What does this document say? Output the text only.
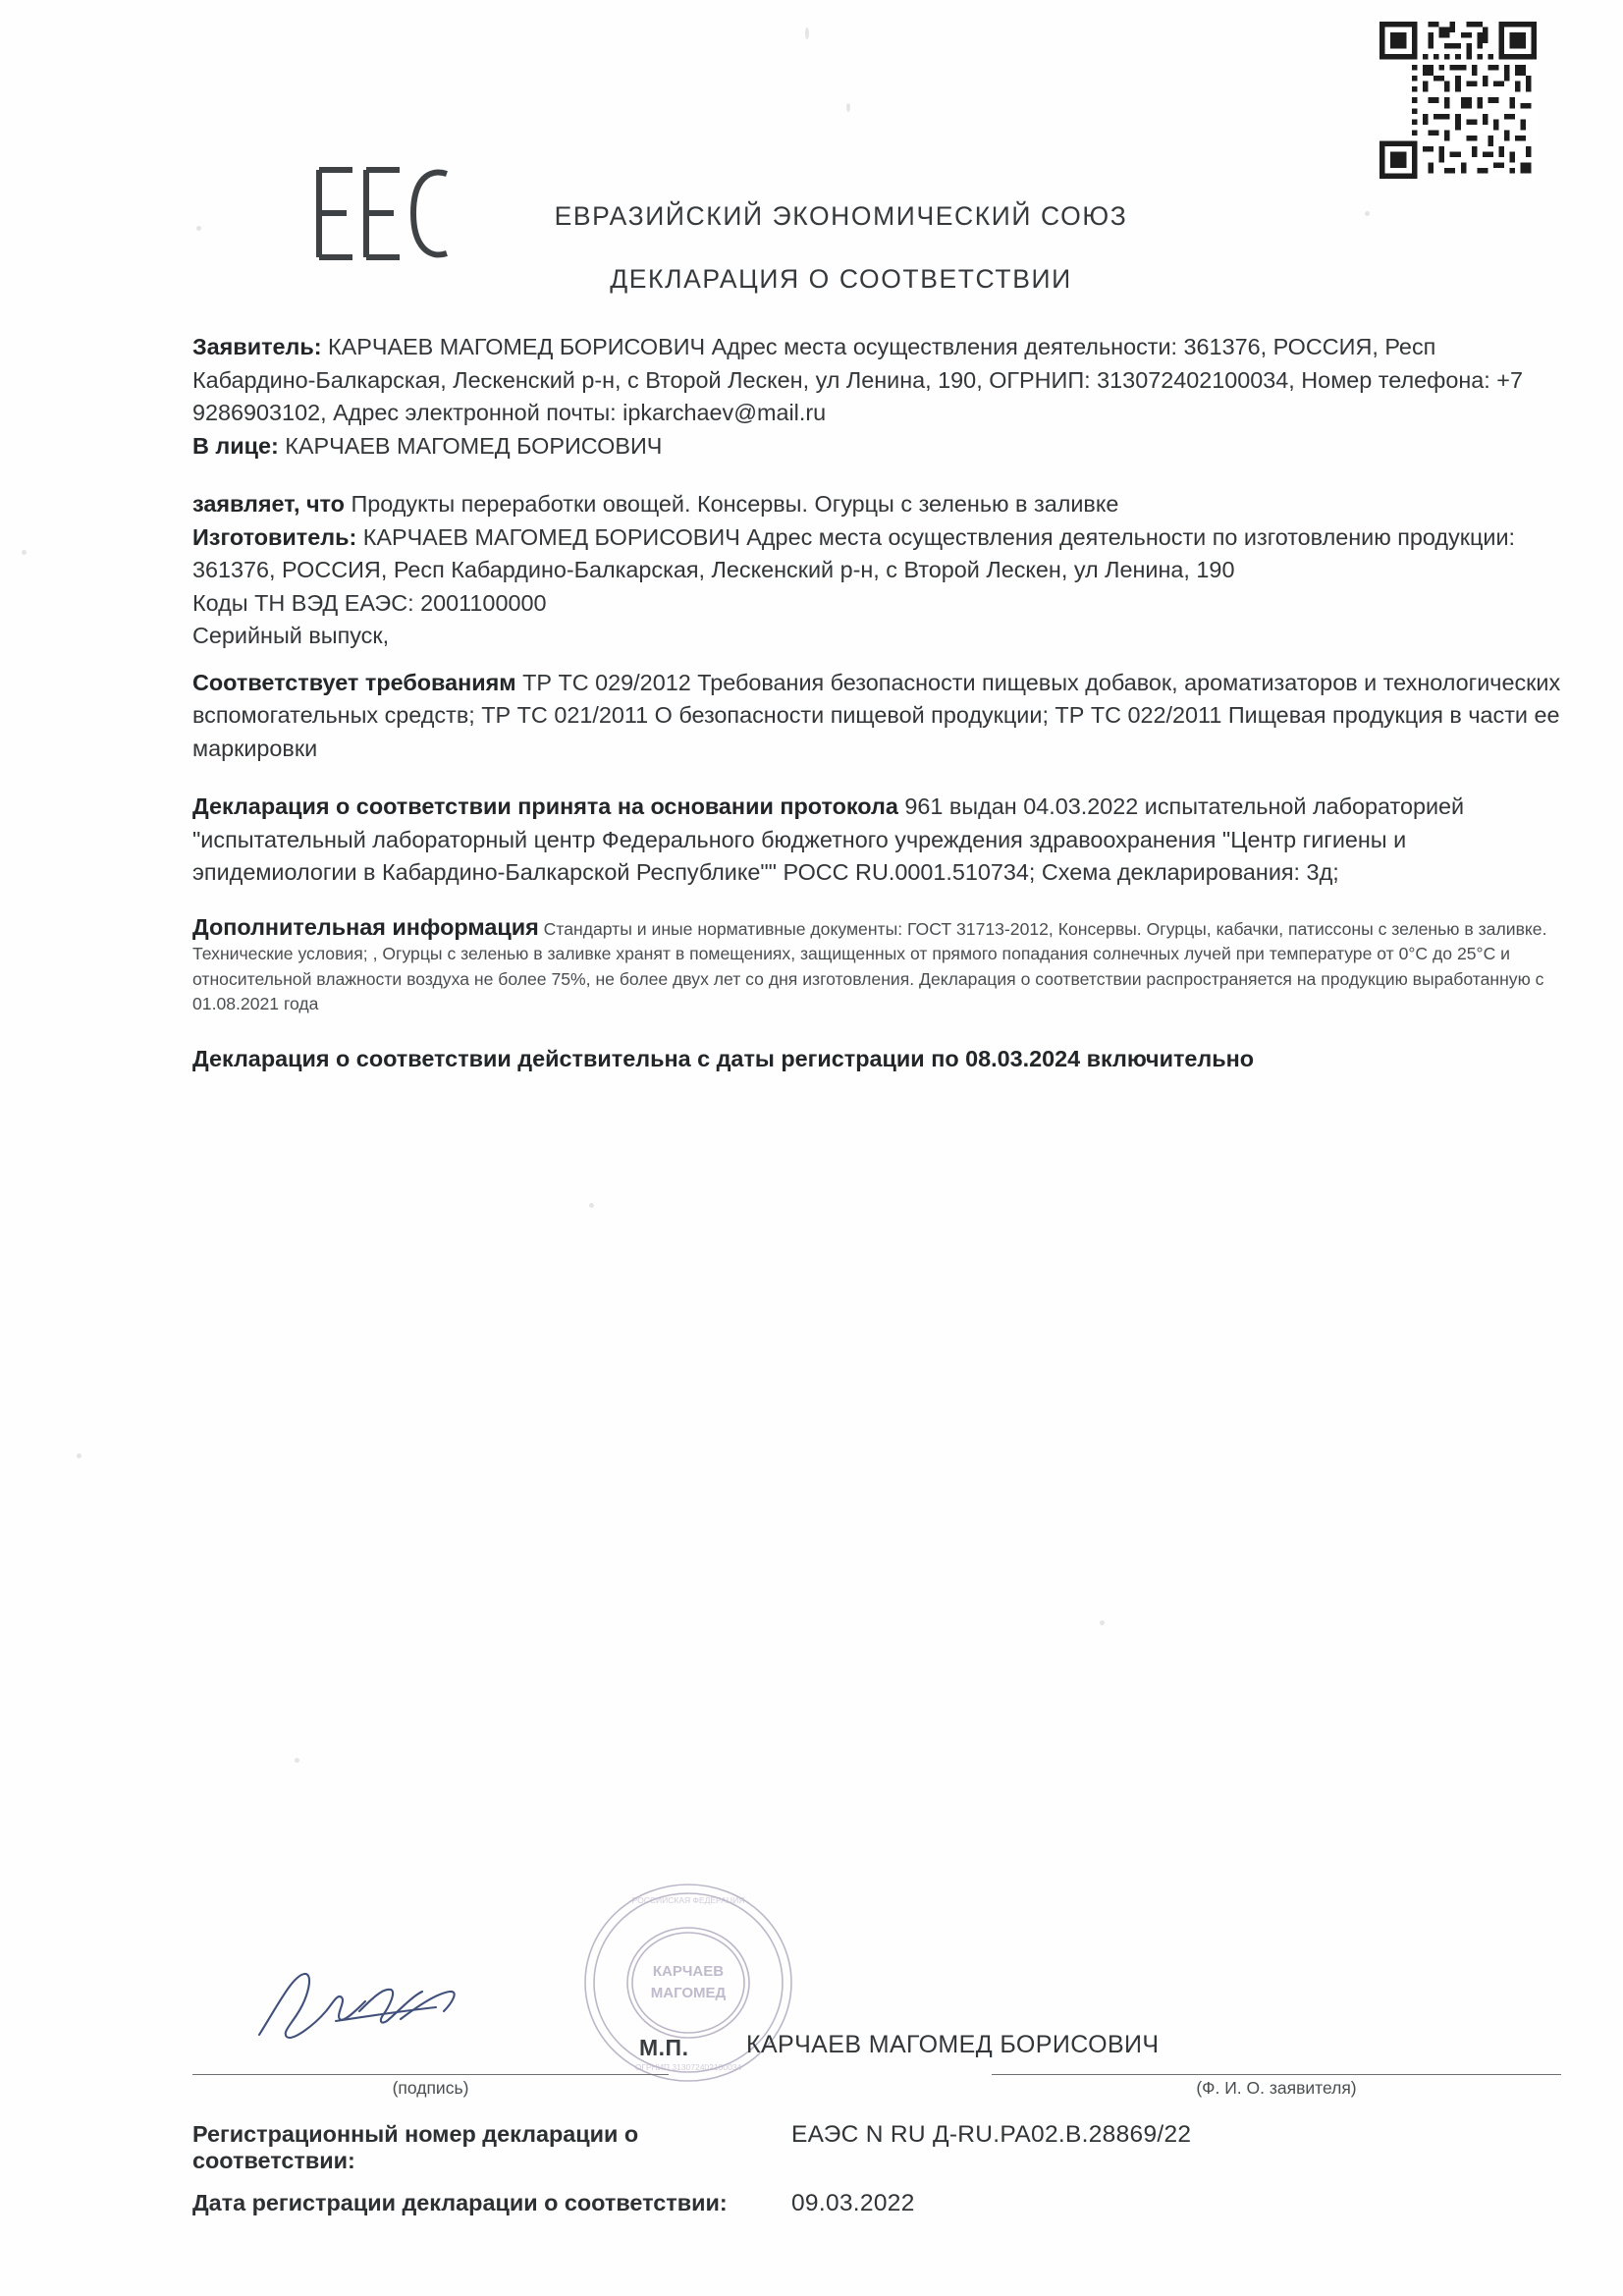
ЕВРАЗИЙСКИЙ ЭКОНОМИЧЕСКИЙ СОЮЗ
ДЕКЛАРАЦИЯ О СООТВЕТСТВИИ

Заявитель: КАРЧАЕВ МАГОМЕД БОРИСОВИЧ Адрес места осуществления деятельности: 361376, РОССИЯ, Респ Кабардино-Балкарская, Лескенский р-н, с Второй Лескен, ул Ленина, 190, ОГРНИП: 313072402100034, Номер телефона: +7 9286903102, Адрес электронной почты: ipkarchaev@mail.ru

В лице: КАРЧАЕВ МАГОМЕД БОРИСОВИЧ

заявляет, что Продукты переработки овощей. Консервы. Огурцы с зеленью в заливке

Изготовитель: КАРЧАЕВ МАГОМЕД БОРИСОВИЧ Адрес места осуществления деятельности по изготовлению продукции: 361376, РОССИЯ, Респ Кабардино-Балкарская, Лескенский р-н, с Второй Лескен, ул Ленина, 190

Коды ТН ВЭД ЕАЭС: 2001100000

Серийный выпуск,

Соответствует требованиям ТР ТС 029/2012 Требования безопасности пищевых добавок, ароматизаторов и технологических вспомогательных средств; ТР ТС 021/2011 О безопасности пищевой продукции; ТР ТС 022/2011 Пищевая продукция в части ее маркировки

Декларация о соответствии принята на основании протокола 961 выдан 04.03.2022 испытательной лабораторией "испытательный лабораторный центр Федерального бюджетного учреждения здравоохранения "Центр гигиены и эпидемиологии в Кабардино-Балкарской Республике"" РОСС RU.0001.510734; Схема декларирования: 3д;

Дополнительная информация Стандарты и иные нормативные документы: ГОСТ 31713-2012, Консервы. Огурцы, кабачки, патиссоны с зеленью в заливке. Технические условия; , Огурцы с зеленью в заливке хранят в помещениях, защищенных от прямого попадания солнечных лучей при температуре от 0°C до 25°C и относительной влажности воздуха не более 75%, не более двух лет со дня изготовления. Декларация о соответствии распространяется на продукцию выработанную с 01.08.2021 года

Декларация о соответствии действительна с даты регистрации по 08.03.2024 включительно

КАРЧАЕВ
МАГОМЕД
РОССИЙСКАЯ ФЕДЕРАЦИЯ
ОГРНИП 313072402100034
М.П. КАРЧАЕВ МАГОМЕД БОРИСОВИЧ
(подпись)	(Ф. И. О. заявителя)
Регистрационный номер декларации о соответствии:
ЕАЭС N RU Д-RU.РА02.В.28869/22
Дата регистрации декларации о соответствии:	09.03.2022
